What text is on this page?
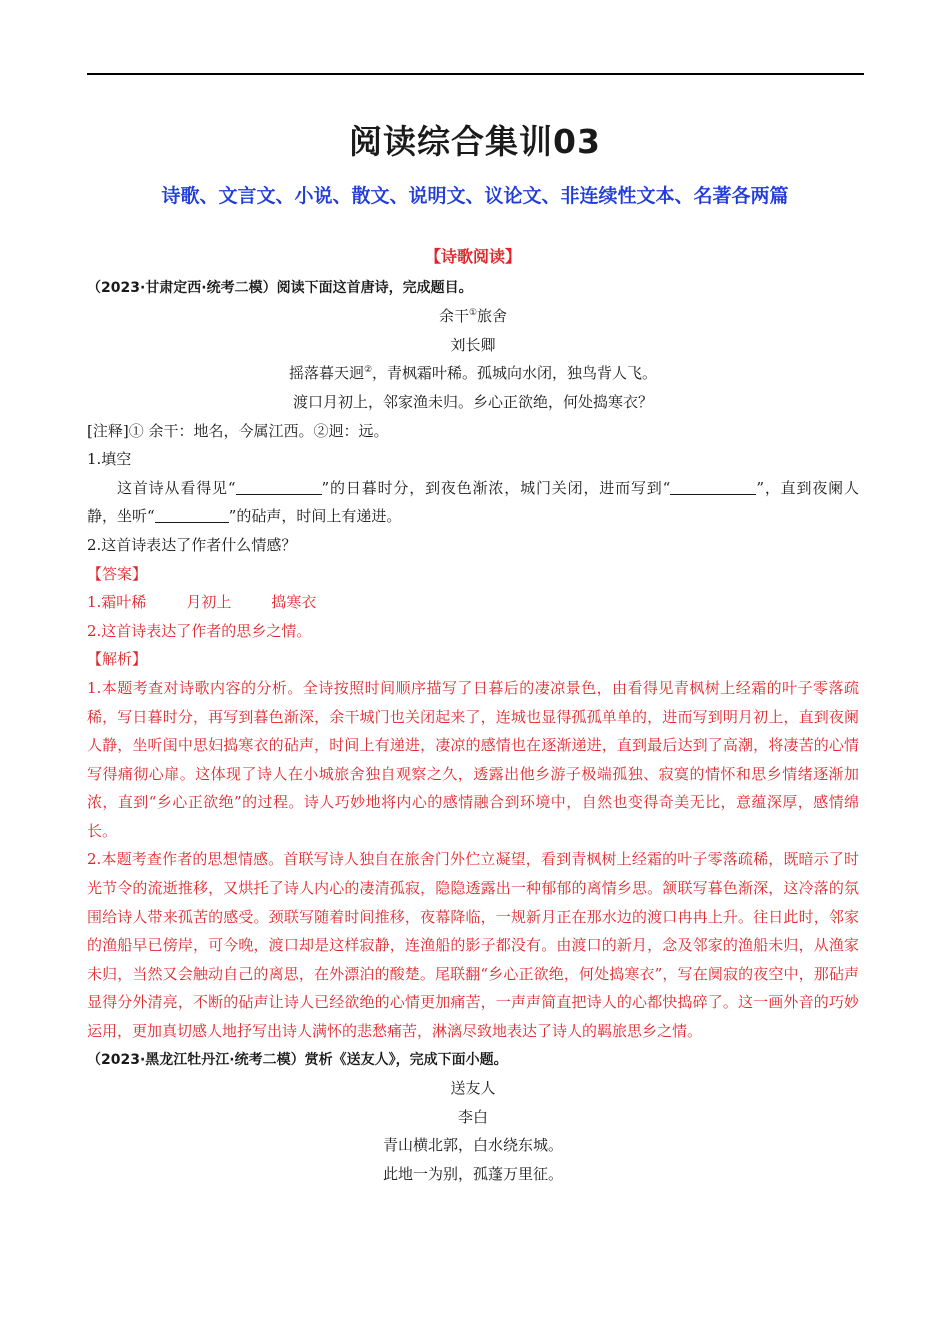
阅读综合集训03
诗歌、文言文、小说、散文、说明文、议论文、非连续性文本、名著各两篇

【诗歌阅读】

（2023·甘肃定西·统考二模）阅读下面这首唐诗，完成题目。

余干①旅舍

刘长卿

摇落暮天迥②，青枫霜叶稀。孤城向水闭，独鸟背人飞。

渡口月初上，邻家渔未归。乡心正欲绝，何处捣寒衣？

[注释]① 余干：地名，今属江西。②迥：远。

1.填空

这首诗从看得见“	”的日暮时分，到夜色渐浓，城门关闭，进而写到“	”，直到夜阑人静，坐听“	”的砧声，时间上有递进。

2.这首诗表达了作者什么情感？

【答案】

1.霜叶稀	月初上	捣寒衣

2.这首诗表达了作者的思乡之情。

【解析】

1.本题考查对诗歌内容的分析。全诗按照时间顺序描写了日暮后的凄凉景色，由看得见青枫树上经霜的叶子零落疏稀，写日暮时分，再写到暮色渐深，余干城门也关闭起来了，连城也显得孤孤单单的，进而写到明月初上，直到夜阑人静，坐听闺中思妇捣寒衣的砧声，时间上有递进，凄凉的感情也在逐渐递进，直到最后达到了高潮，将凄苦的心情写得痛彻心扉。这体现了诗人在小城旅舍独自观察之久，透露出他乡游子极端孤独、寂寞的情怀和思乡情绪逐渐加浓，直到“乡心正欲绝”的过程。诗人巧妙地将内心的感情融合到环境中，自然也变得奇美无比，意蕴深厚，感情绵长。

2.本题考查作者的思想情感。首联写诗人独自在旅舍门外伫立凝望，看到青枫树上经霜的叶子零落疏稀，既暗示了时光节令的流逝推移，又烘托了诗人内心的凄清孤寂，隐隐透露出一种郁郁的离情乡思。颔联写暮色渐深，这冷落的氛围给诗人带来孤苦的感受。颈联写随着时间推移，夜幕降临，一规新月正在那水边的渡口冉冉上升。往日此时，邻家的渔船早已傍岸，可今晚，渡口却是这样寂静，连渔船的影子都没有。由渡口的新月，念及邻家的渔船未归，从渔家未归，当然又会触动自己的离思，在外漂泊的酸楚。尾联翻“乡心正欲绝，何处捣寒衣”，写在阒寂的夜空中，那砧声显得分外清亮，不断的砧声让诗人已经欲绝的心情更加痛苦，一声声简直把诗人的心都快捣碎了。这一画外音的巧妙运用，更加真切感人地抒写出诗人满怀的悲愁痛苦，淋漓尽致地表达了诗人的羁旅思乡之情。

（2023·黑龙江牡丹江·统考二模）赏析《送友人》，完成下面小题。

送友人

李白

青山横北郭，白水绕东城。

此地一为别，孤蓬万里征。
